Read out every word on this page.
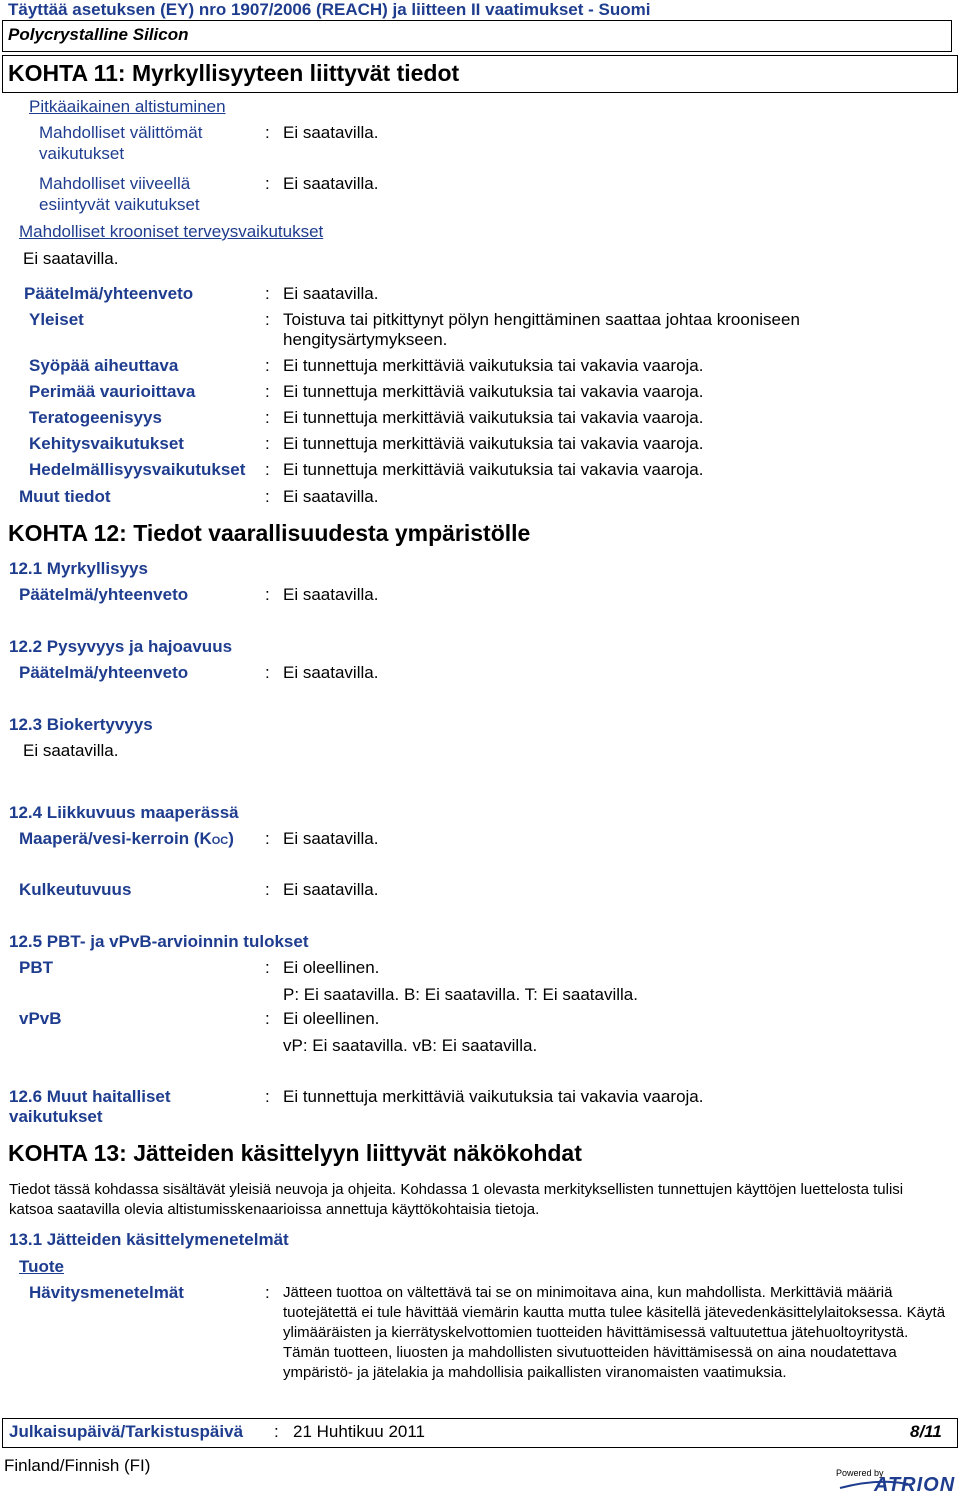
Täyttää asetuksen (EY) nro 1907/2006 (REACH) ja liitteen II vaatimukset - Suomi
Polycrystalline Silicon
KOHTA 11: Myrkyllisyyteen liittyvät tiedot
Pitkäaikainen altistuminen
Mahdolliset välittömät
vaikutukset
: Ei saatavilla.
Mahdolliset viiveellä
esiintyvät vaikutukset
: Ei saatavilla.
Mahdolliset krooniset terveysvaikutukset
Ei saatavilla.
Päätelmä/yhteenveto	: Ei saatavilla.
Yleiset	: Toistuva tai pitkittynyt pölyn hengittäminen saattaa johtaa krooniseen hengitysärtymykseen.
Syöpää aiheuttava	: Ei tunnettuja merkittäviä vaikutuksia tai vakavia vaaroja.
Perimää vaurioittava	: Ei tunnettuja merkittäviä vaikutuksia tai vakavia vaaroja.
Teratogeenisyys	: Ei tunnettuja merkittäviä vaikutuksia tai vakavia vaaroja.
Kehitysvaikutukset	: Ei tunnettuja merkittäviä vaikutuksia tai vakavia vaaroja.
Hedelmällisyysvaikutukset : Ei tunnettuja merkittäviä vaikutuksia tai vakavia vaaroja.
Muut tiedot	: Ei saatavilla.
KOHTA 12: Tiedot vaarallisuudesta ympäristölle
12.1 Myrkyllisyys
Päätelmä/yhteenveto	: Ei saatavilla.
12.2 Pysyvyys ja hajoavuus
Päätelmä/yhteenveto	: Ei saatavilla.
12.3 Biokertyvyys
Ei saatavilla.
12.4 Liikkuvuus maaperässä
Maaperä/vesi-kerroin (KOC) : Ei saatavilla.
Kulkeutuvuus	: Ei saatavilla.
12.5 PBT- ja vPvB-arvioinnin tulokset
PBT	: Ei oleellinen.
P: Ei saatavilla. B: Ei saatavilla. T: Ei saatavilla.
vPvB	: Ei oleellinen.
vP: Ei saatavilla. vB: Ei saatavilla.
12.6 Muut haitalliset
vaikutukset
: Ei tunnettuja merkittäviä vaikutuksia tai vakavia vaaroja.
KOHTA 13: Jätteiden käsittelyyn liittyvät näkökohdat
Tiedot tässä kohdassa sisältävät yleisiä neuvoja ja ohjeita. Kohdassa 1 olevasta merkityksellisten tunnettujen käyttöjen luettelosta tulisi katsoa saatavilla olevia altistumisskenaarioissa annettuja käyttökohtaisia tietoja.
13.1 Jätteiden käsittelymenetelmät
Tuote
Hävitysmenetelmät	: Jätteen tuottoa on vältettävä tai se on minimoitava aina, kun mahdollista. Merkittäviä määriä tuotejätettä ei tule hävittää viemärin kautta mutta tulee käsitellä jätevedenkäsittelylaitoksessa. Käytä ylimääräisten ja kierrätyskelvottomien tuotteiden hävittämisessä valtuutettua jätehuoltoyritystä. Tämän tuotteen, liuosten ja mahdollisten sivutuotteiden hävittämisessä on aina noudatettava ympäristö- ja jätelakia ja mahdollisia paikallisten viranomaisten vaatimuksia.
Julkaisupäivä/Tarkistuspäivä : 21 Huhtikuu 2011	8/11
Finland/Finnish (FI)	Powered by
ATRION
